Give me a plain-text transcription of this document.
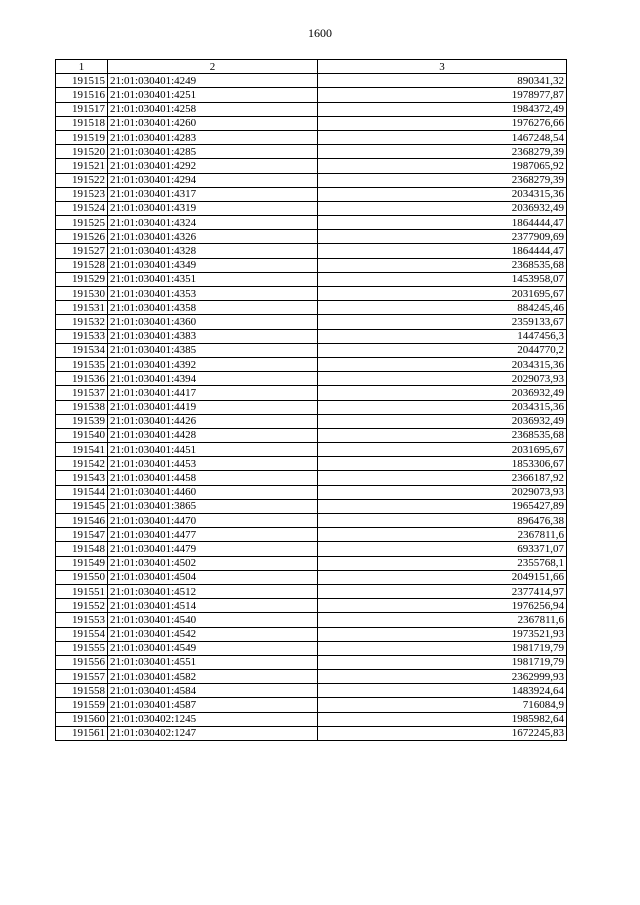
1600
1	2	3
191515	21:01:030401:4249	890341,32
191516	21:01:030401:4251	1978977,87
191517	21:01:030401:4258	1984372,49
191518	21:01:030401:4260	1976276,66
191519	21:01:030401:4283	1467248,54
191520	21:01:030401:4285	2368279,39
191521	21:01:030401:4292	1987065,92
191522	21:01:030401:4294	2368279,39
191523	21:01:030401:4317	2034315,36
191524	21:01:030401:4319	2036932,49
191525	21:01:030401:4324	1864444,47
191526	21:01:030401:4326	2377909,69
191527	21:01:030401:4328	1864444,47
191528	21:01:030401:4349	2368535,68
191529	21:01:030401:4351	1453958,07
191530	21:01:030401:4353	2031695,67
191531	21:01:030401:4358	884245,46
191532	21:01:030401:4360	2359133,67
191533	21:01:030401:4383	1447456,3
191534	21:01:030401:4385	2044770,2
191535	21:01:030401:4392	2034315,36
191536	21:01:030401:4394	2029073,93
191537	21:01:030401:4417	2036932,49
191538	21:01:030401:4419	2034315,36
191539	21:01:030401:4426	2036932,49
191540	21:01:030401:4428	2368535,68
191541	21:01:030401:4451	2031695,67
191542	21:01:030401:4453	1853306,67
191543	21:01:030401:4458	2366187,92
191544	21:01:030401:4460	2029073,93
191545	21:01:030401:3865	1965427,89
191546	21:01:030401:4470	896476,38
191547	21:01:030401:4477	2367811,6
191548	21:01:030401:4479	693371,07
191549	21:01:030401:4502	2355768,1
191550	21:01:030401:4504	2049151,66
191551	21:01:030401:4512	2377414,97
191552	21:01:030401:4514	1976256,94
191553	21:01:030401:4540	2367811,6
191554	21:01:030401:4542	1973521,93
191555	21:01:030401:4549	1981719,79
191556	21:01:030401:4551	1981719,79
191557	21:01:030401:4582	2362999,93
191558	21:01:030401:4584	1483924,64
191559	21:01:030401:4587	716084,9
191560	21:01:030402:1245	1985982,64
191561	21:01:030402:1247	1672245,83
